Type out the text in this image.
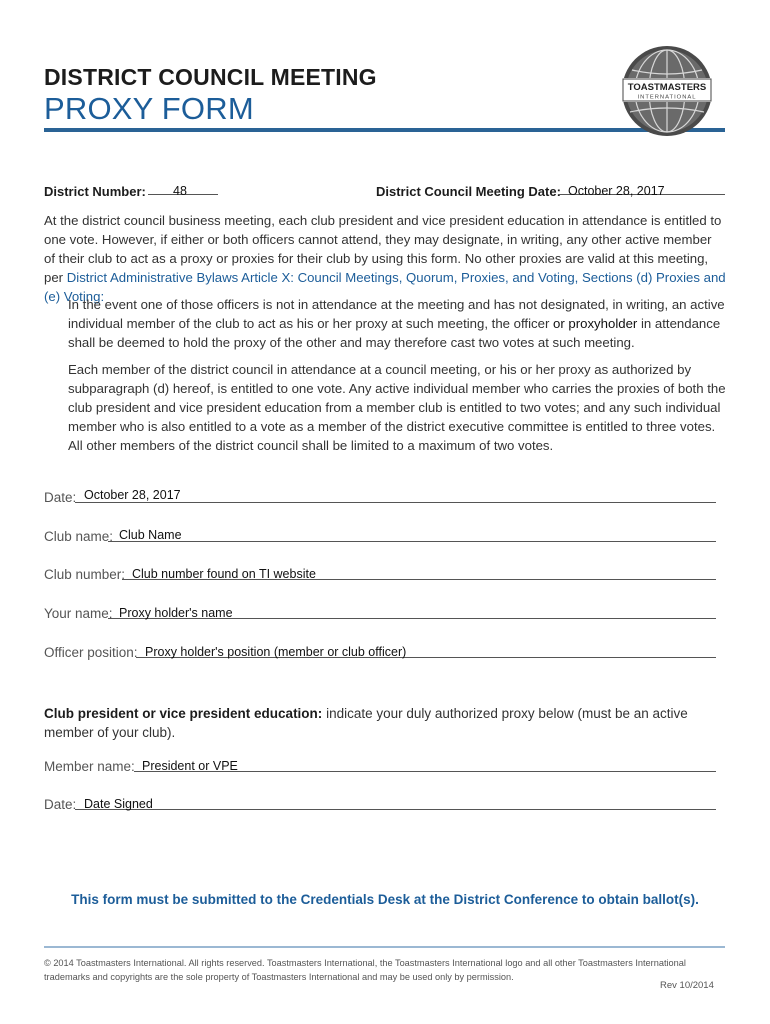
DISTRICT COUNCIL MEETING
PROXY FORM
TOASTMASTERS
INTERNATIONAL
District Number: 48	District Council Meeting Date: October 28, 2017
At the district council business meeting, each club president and vice president education in attendance is entitled to one vote. However, if either or both officers cannot attend, they may designate, in writing, any other active member of their club to act as a proxy or proxies for their club by using this form. No other proxies are valid at this meeting, per District Administrative Bylaws Article X: Council Meetings, Quorum, Proxies, and Voting, Sections (d) Proxies and (e) Voting:
In the event one of those officers is not in attendance at the meeting and has not designated, in writing, an active individual member of the club to act as his or her proxy at such meeting, the officer or proxyholder in attendance shall be deemed to hold the proxy of the other and may therefore cast two votes at such meeting.
Each member of the district council in attendance at a council meeting, or his or her proxy as authorized by subparagraph (d) hereof, is entitled to one vote. Any active individual member who carries the proxies of both the club president and vice president education from a member club is entitled to two votes; and any such individual member who is also entitled to a vote as a member of the district executive committee is entitled to three votes. All other members of the district council shall be limited to a maximum of two votes.
Date: October 28, 2017
Club name: Club Name
Club number: Club number found on TI website
Your name: Proxy holder's name
Officer position: Proxy holder's position (member or club officer)
Club president or vice president education: indicate your duly authorized proxy below (must be an active member of your club).
Member name: President or VPE
Date: Date Signed
This form must be submitted to the Credentials Desk at the District Conference to obtain ballot(s).
© 2014 Toastmasters International. All rights reserved. Toastmasters International, the Toastmasters International logo and all other Toastmasters International trademarks and copyrights are the sole property of Toastmasters International and may be used only by permission.
Rev 10/2014
